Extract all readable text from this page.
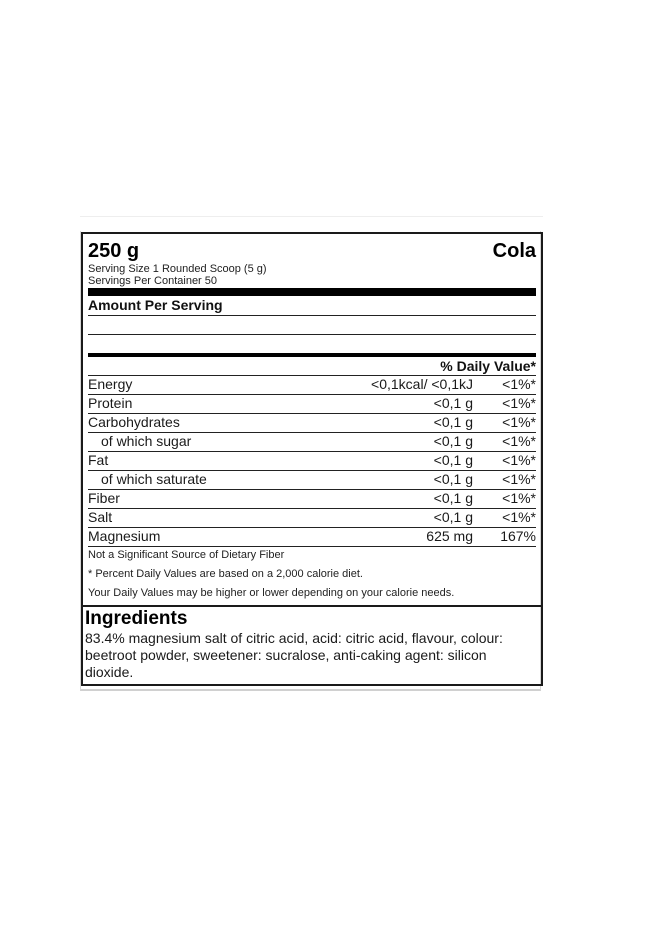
250 g	Cola
Serving Size 1 Rounded Scoop (5 g)
Servings Per Container 50
Amount Per Serving
% Daily Value*
Energy	<0,1kcal/ <0,1kJ	<1%*
Protein	<0,1 g	<1%*
Carbohydrates	<0,1 g	<1%*
of which sugar	<0,1 g	<1%*
Fat	<0,1 g	<1%*
of which saturate	<0,1 g	<1%*
Fiber	<0,1 g	<1%*
Salt	<0,1 g	<1%*
Magnesium	625 mg	167%
Not a Significant Source of Dietary Fiber
* Percent Daily Values are based on a 2,000 calorie diet.
Your Daily Values may be higher or lower depending on your calorie needs.
Ingredients
83.4% magnesium salt of citric acid, acid: citric acid, flavour, colour: beetroot powder, sweetener: sucralose, anti-caking agent: silicon dioxide.
